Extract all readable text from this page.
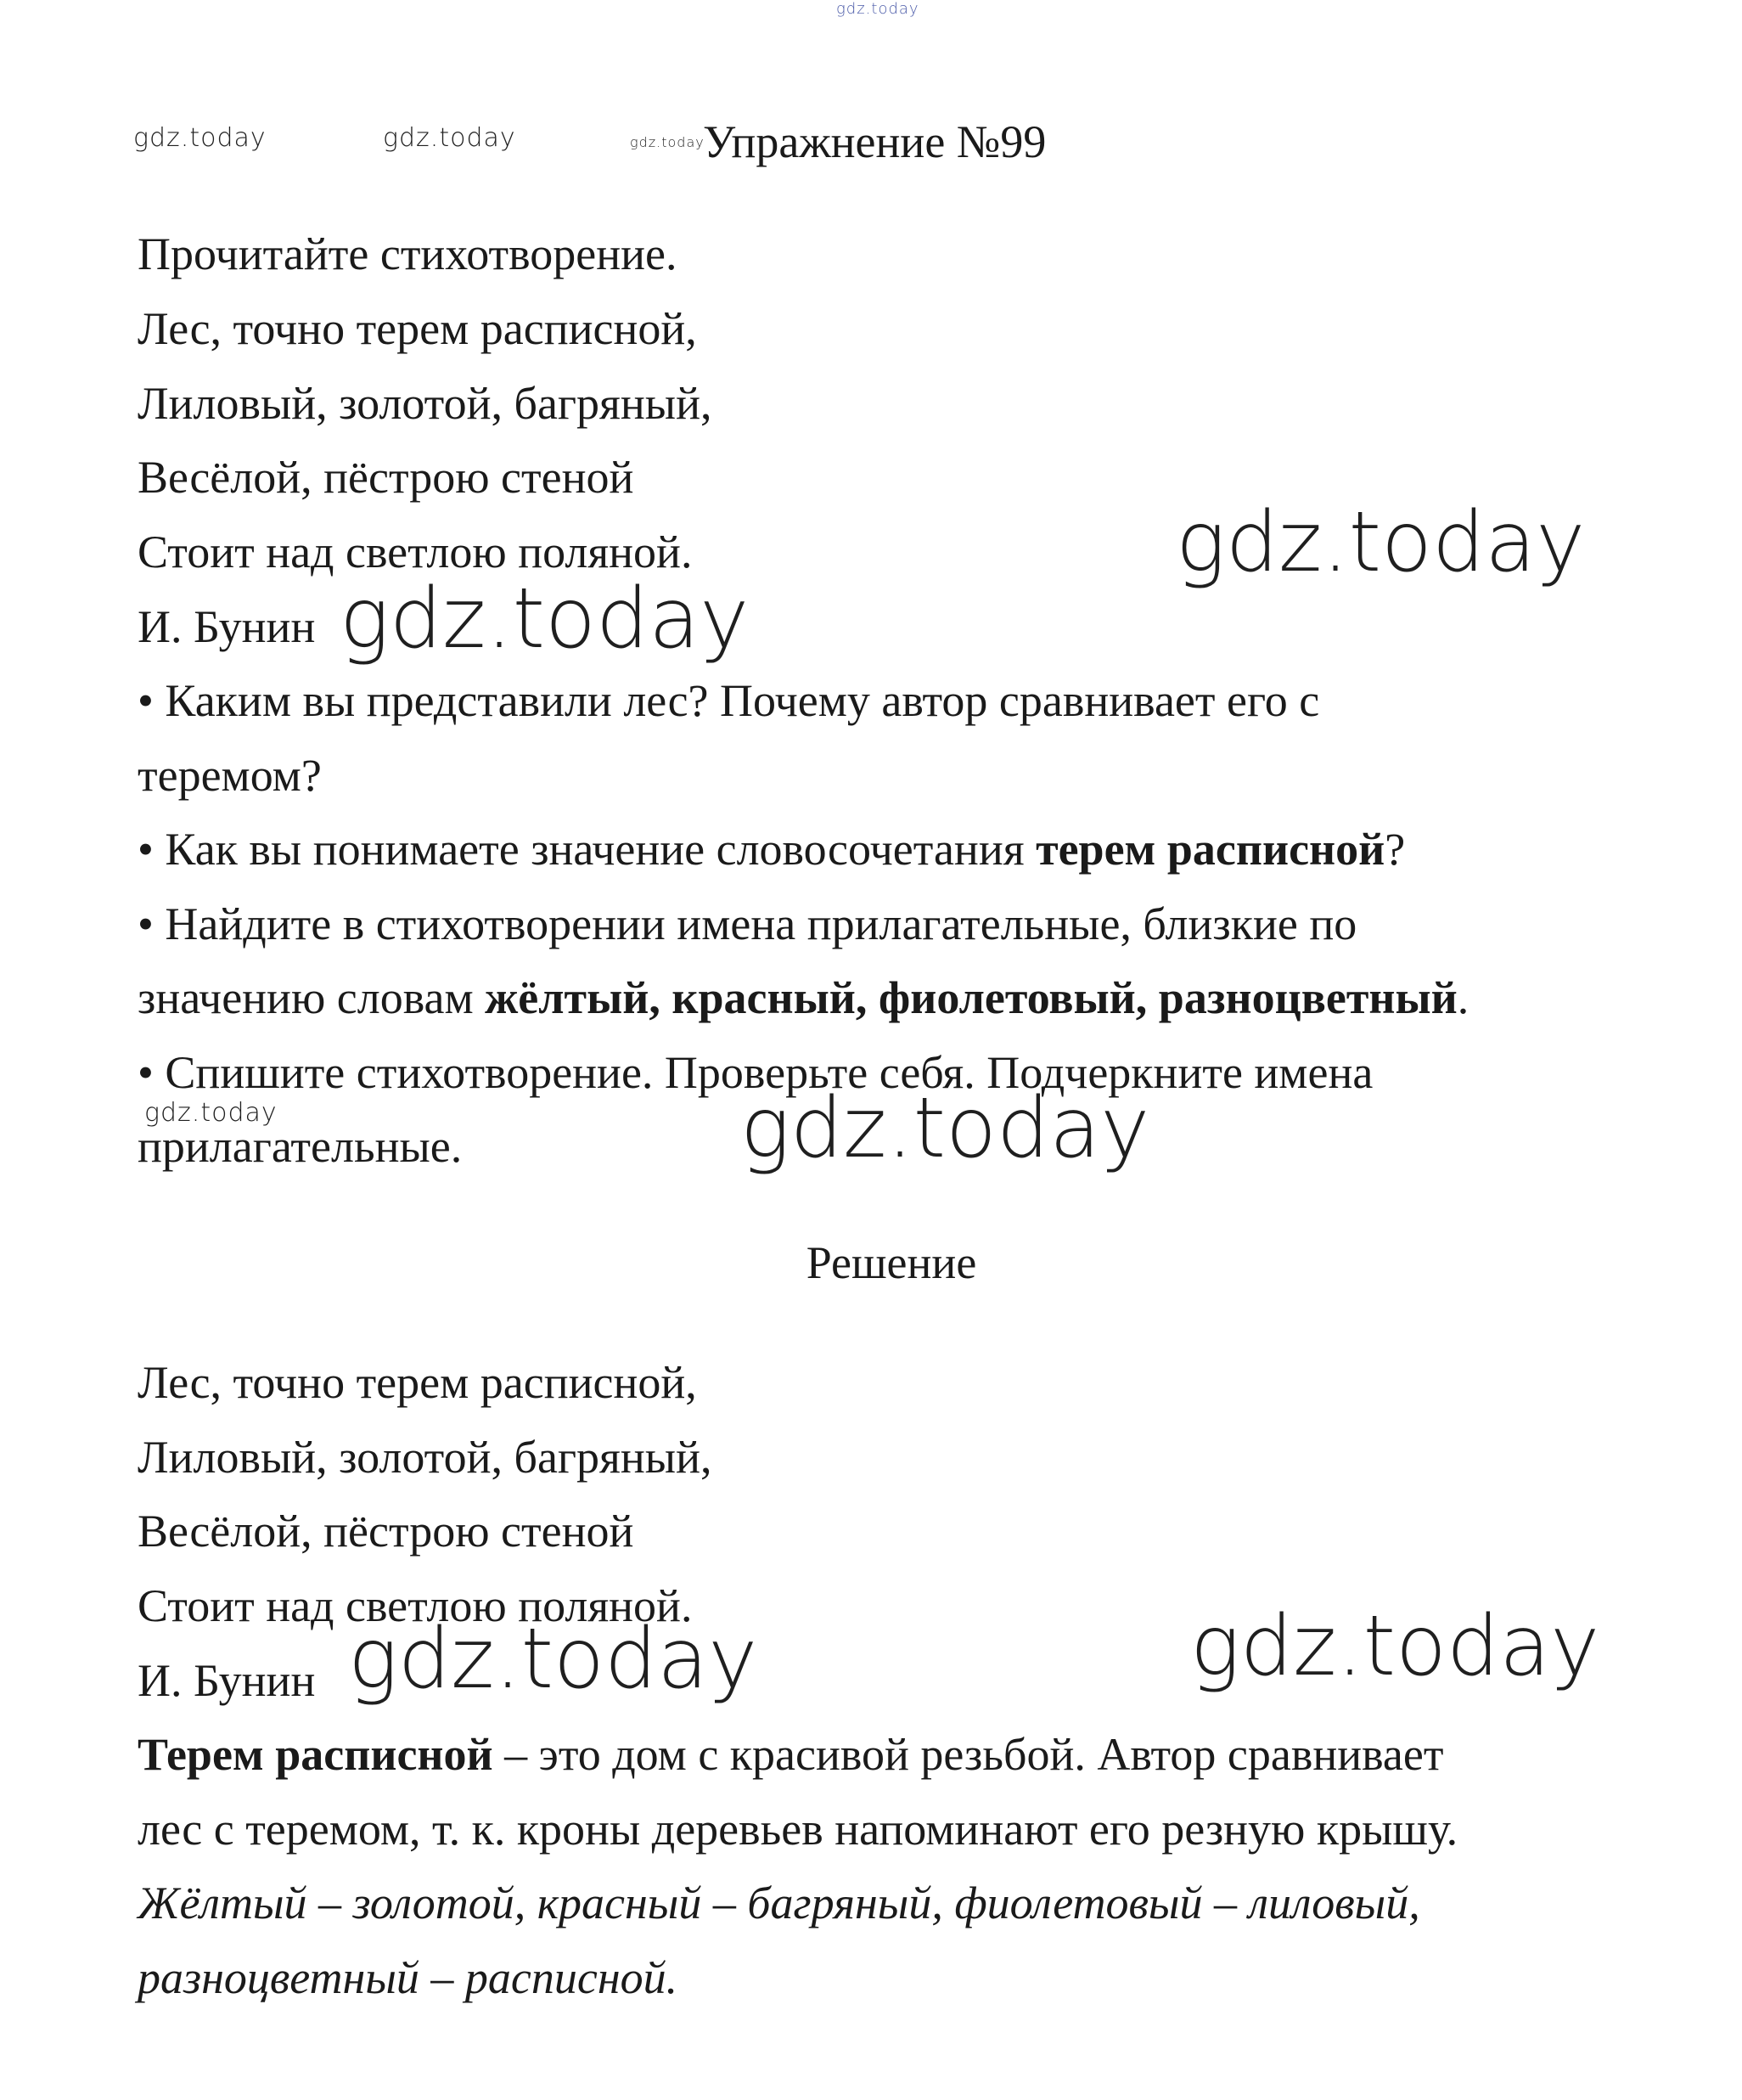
gdz.today
gdz.today	gdz.today	gdz.today
Упражнение №99
Прочитайте стихотворение.
Лес, точно терем расписной,
Лиловый, золотой, багряный,
Весёлой, пёстрою стеной
Стоит над светлою поляной.	gdz.today
И. Бунин gdz.today
• Каким вы представили лес? Почему автор сравнивает его с
теремом?
• Как вы понимаете значение словосочетания терем расписной?
• Найдите в стихотворении имена прилагательные, близкие по
значению словам жёлтый, красный, фиолетовый, разноцветный.
• Спишите стихотворение. Проверьте себя. Подчеркните имена
gdz.today
прилагательные.	gdz.today
Решение
Лес, точно терем расписной,
Лиловый, золотой, багряный,
Весёлой, пёстрою стеной
Стоит над светлою поляной.	gdz.today
И. Бунин gdz.today
Терем расписной – это дом с красивой резьбой. Автор сравнивает
лес с теремом, т. к. кроны деревьев напоминают его резную крышу.
Жёлтый – золотой, красный – багряный, фиолетовый – лиловый,
разноцветный – расписной.
